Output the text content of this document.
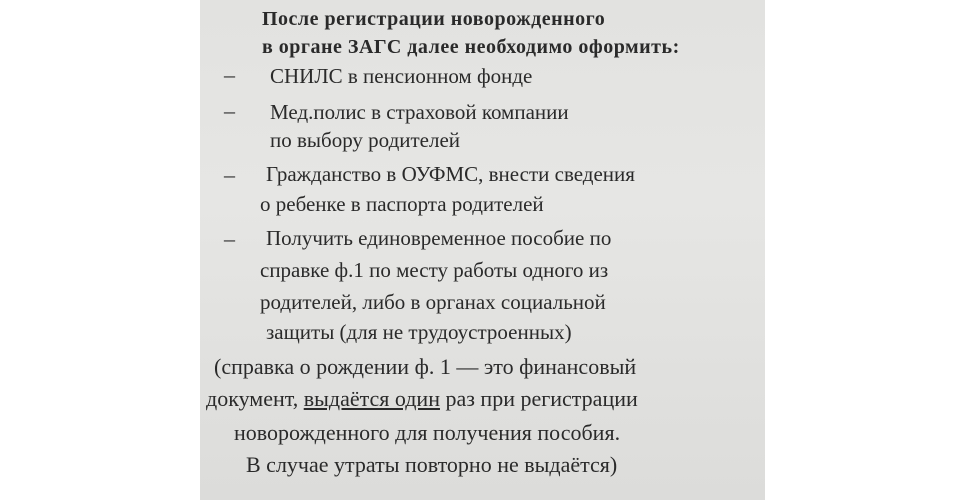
После регистрации новорожденного
в органе ЗАГС далее необходимо оформить:
– СНИЛС в пенсионном фонде
– Мед.полис в страховой компании
по выбору родителей
– Гражданство в ОУФМС, внести сведения
о ребенке в паспорта родителей
– Получить единовременное пособие по
справке ф.1 по месту работы одного из
родителей, либо в органах социальной
защиты (для не трудоустроенных)
(справка о рождении ф. 1 — это финансовый
документ, выдаётся один раз при регистрации
новорожденного для получения пособия.
В случае утраты повторно не выдаётся)
